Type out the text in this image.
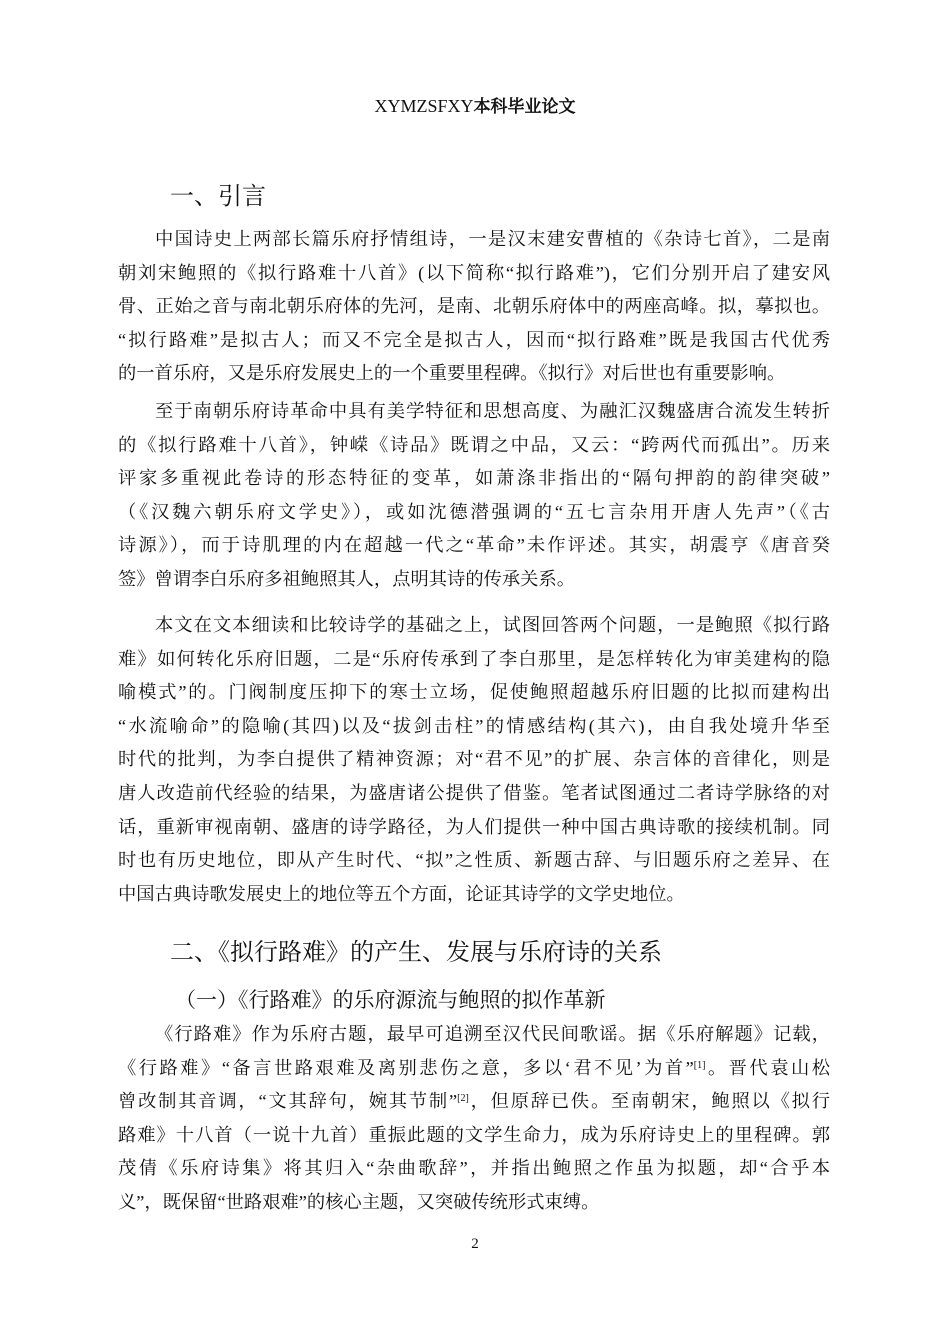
XYMZSFXY本科毕业论文
一、引言
中国诗史上两部长篇乐府抒情组诗，一是汉末建安曹植的《杂诗七首》，二是南
朝刘宋鲍照的《拟行路难十八首》(以下简称“拟行路难”)，它们分别开启了建安风
骨、正始之音与南北朝乐府体的先河，是南、北朝乐府体中的两座高峰。拟，摹拟也。
“拟行路难”是拟古人；而又不完全是拟古人，因而“拟行路难”既是我国古代优秀
的一首乐府，又是乐府发展史上的一个重要里程碑。《拟行》对后世也有重要影响。
至于南朝乐府诗革命中具有美学特征和思想高度、为融汇汉魏盛唐合流发生转折
的《拟行路难十八首》，钟嵘《诗品》既谓之中品，又云：“跨两代而孤出”。历来
评家多重视此卷诗的形态特征的变革，如萧涤非指出的“隔句押韵的韵律突破”
（《汉魏六朝乐府文学史》），或如沈德潜强调的“五七言杂用开唐人先声”（《古
诗源》），而于诗肌理的内在超越一代之“革命”未作评述。其实，胡震亨《唐音癸
签》曾谓李白乐府多祖鲍照其人，点明其诗的传承关系。
本文在文本细读和比较诗学的基础之上，试图回答两个问题，一是鲍照《拟行路
难》如何转化乐府旧题，二是“乐府传承到了李白那里，是怎样转化为审美建构的隐
喻模式”的。门阀制度压抑下的寒士立场，促使鲍照超越乐府旧题的比拟而建构出
“水流喻命”的隐喻(其四)以及“拔剑击柱”的情感结构(其六)，由自我处境升华至
时代的批判，为李白提供了精神资源；对“君不见”的扩展、杂言体的音律化，则是
唐人改造前代经验的结果，为盛唐诸公提供了借鉴。笔者试图通过二者诗学脉络的对
话，重新审视南朝、盛唐的诗学路径，为人们提供一种中国古典诗歌的接续机制。同
时也有历史地位，即从产生时代、“拟”之性质、新题古辞、与旧题乐府之差异、在
中国古典诗歌发展史上的地位等五个方面，论证其诗学的文学史地位。
二、《拟行路难》的产生、发展与乐府诗的关系
（一）《行路难》的乐府源流与鲍照的拟作革新
《行路难》作为乐府古题，最早可追溯至汉代民间歌谣。据《乐府解题》记载，
《行路难》“备言世路艰难及离别悲伤之意，多以‘君不见’为首”[1]。晋代袁山松
曾改制其音调，“文其辞句，婉其节制”[2]，但原辞已佚。至南朝宋，鲍照以《拟行
路难》十八首（一说十九首）重振此题的文学生命力，成为乐府诗史上的里程碑。郭
茂倩《乐府诗集》将其归入“杂曲歌辞”，并指出鲍照之作虽为拟题，却“合乎本
义”，既保留“世路艰难”的核心主题，又突破传统形式束缚。
2
